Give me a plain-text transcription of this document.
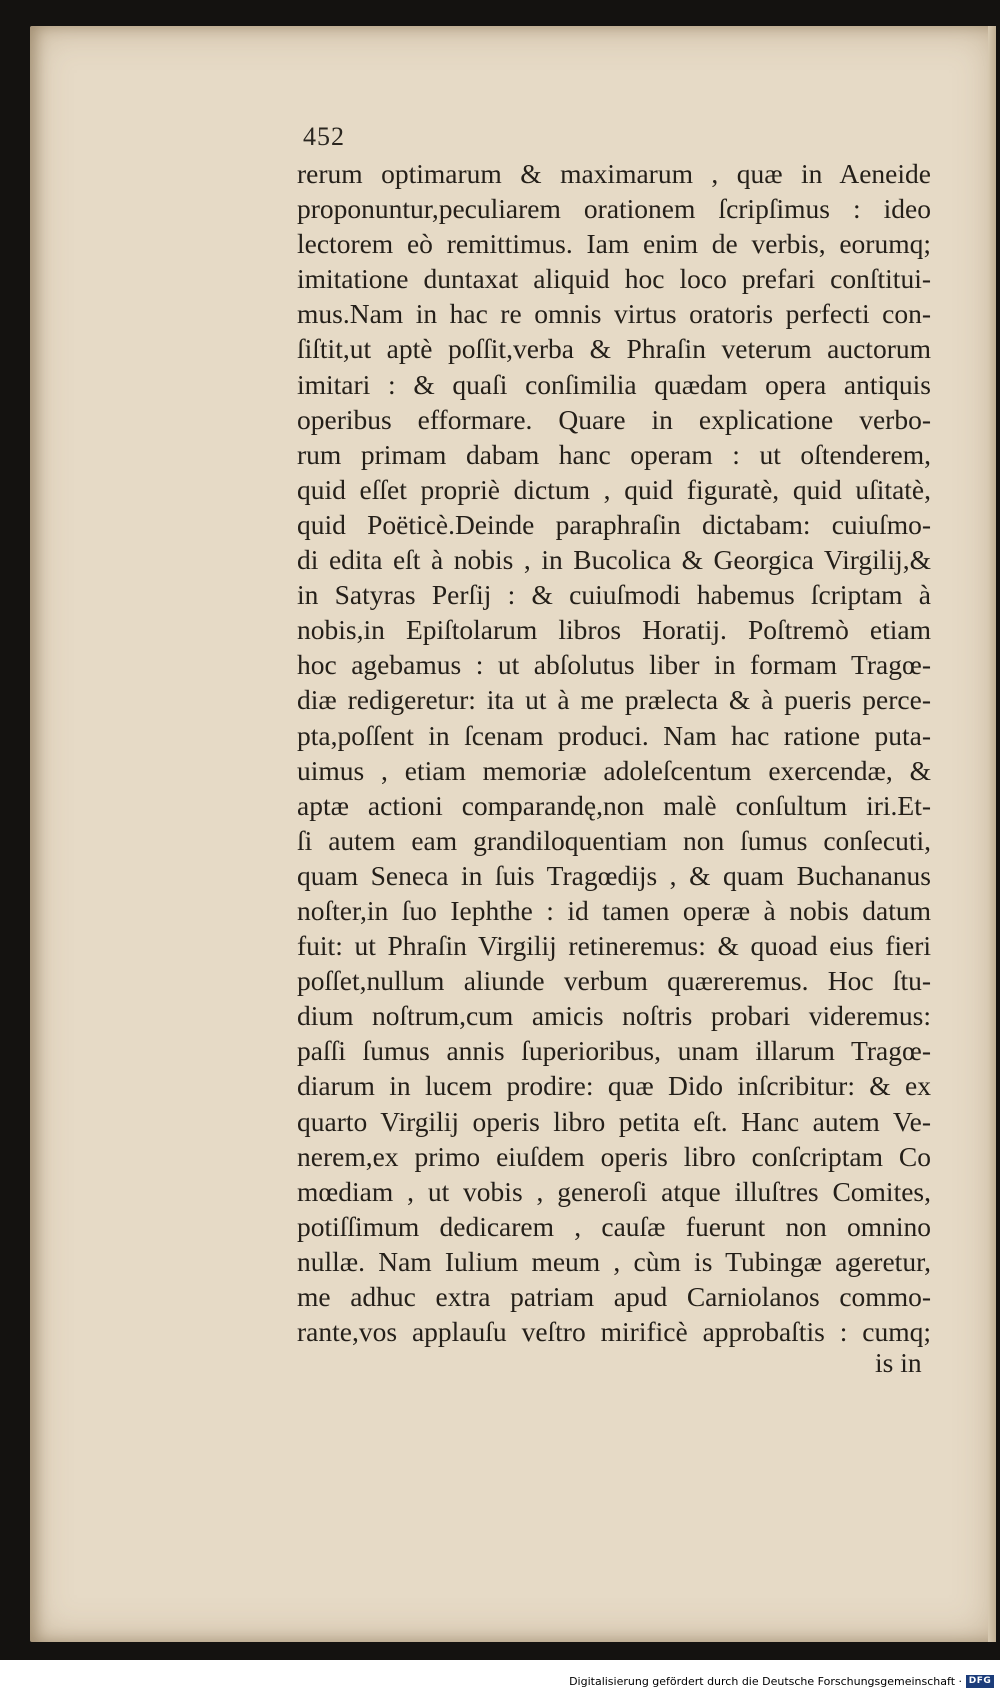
452
rerum optimarum & maximarum , quæ in Aeneide
proponuntur,peculiarem orationem ſcripſimus : ideo
lectorem eò remittimus. Iam enim de verbis, eorumq;
imitatione duntaxat aliquid hoc loco prefari conſtitui-
mus.Nam in hac re omnis virtus oratoris perfecti con-
ſiſtit,ut aptè poſſit,verba & Phraſin veterum auctorum
imitari : & quaſi conſimilia quædam opera antiquis
operibus efformare. Quare in explicatione verbo-
rum primam dabam hanc operam : ut oſtenderem,
quid eſſet propriè dictum , quid figuratè, quid uſitatè,
quid Poëticè.Deinde paraphraſin dictabam: cuiuſmo-
di edita eſt à nobis , in Bucolica & Georgica Virgilij,&
in Satyras Perſij : & cuiuſmodi habemus ſcriptam à
nobis,in Epiſtolarum libros Horatij. Poſtremò etiam
hoc agebamus : ut abſolutus liber in formam Tragœ-
diæ redigeretur: ita ut à me prælecta & à pueris perce-
pta,poſſent in ſcenam produci. Nam hac ratione puta-
uimus , etiam memoriæ adoleſcentum exercendæ, &
aptæ actioni comparandę,non malè conſultum iri.Et-
ſi autem eam grandiloquentiam non ſumus conſecuti,
quam Seneca in ſuis Tragœdijs , & quam Buchananus
noſter,in ſuo Iephthe : id tamen operæ à nobis datum
fuit: ut Phraſin Virgilij retineremus: & quoad eius fieri
poſſet,nullum aliunde verbum quæreremus. Hoc ſtu-
dium noſtrum,cum amicis noſtris probari videremus:
paſſi ſumus annis ſuperioribus, unam illarum Tragœ-
diarum in lucem prodire: quæ Dido inſcribitur: & ex
quarto Virgilij operis libro petita eſt. Hanc autem Ve-
nerem,ex primo eiuſdem operis libro conſcriptam Co
mœdiam , ut vobis , generoſi atque illuſtres Comites,
potiſſimum dedicarem , cauſæ fuerunt non omnino
nullæ. Nam Iulium meum , cùm is Tubingæ ageretur,
me adhuc extra patriam apud Carniolanos commo-
rante,vos applauſu veſtro mirificè approbaſtis : cumq;
is in
Digitalisierung gefördert durch die Deutsche Forschungsgemeinschaft · DFG
